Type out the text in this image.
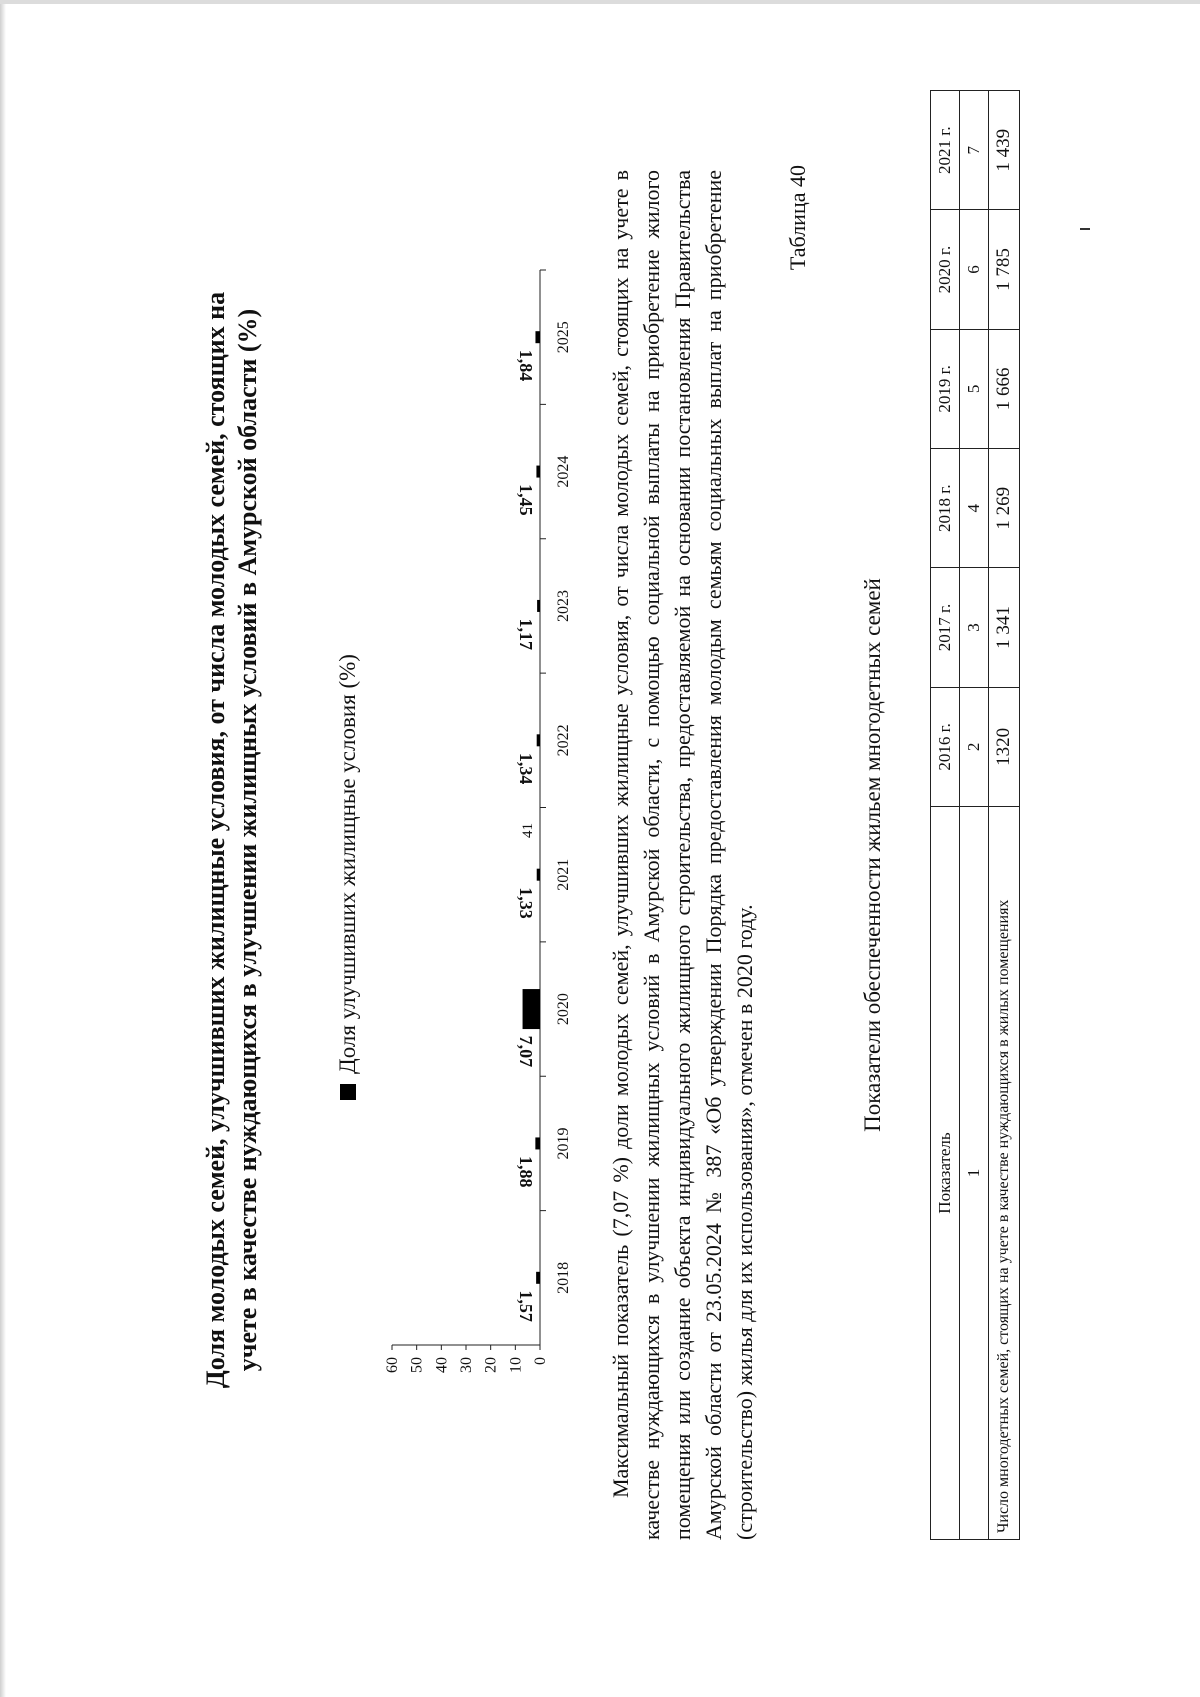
41
0
10
20
30
40
50
60
2018
1,57
2019
1,88
2020
7,07
2021
1,33
2022
1,34
2023
1,17
2024
1,45
2025
1,84
Доля молодых семей, улучшивших жилищные условия, от числа молодых семей, стоящих на учете в качестве нуждающихся в улучшении жилищных условий в Амурской области (%)	Доля улучшивших жилищные условия (%)	Максимальный показатель (7,07 %) доли молодых семей, улучшивших жилищные условия, от числа молодых семей, стоящих на учете в качестве нуждающихся в улучшении жилищных условий в Амурской области, с помощью социальной выплаты на приобретение жилого помещения или создание объекта индивидуального жилищного строительства, предоставляемой на основании постановления Правительства Амурской области от 23.05.2024 № 387 «Об утверждении Порядка предоставления молодым семьям социальных выплат на приобретение (строительство) жилья для их использования», отмечен в 2020 году.
Таблица 40
Показатели обеспеченности жильем многодетных семей
Показатель	2016 г.	2017 г.	2018 г.	2019 г.	2020 г.	2021 г.
1	2	3	4	5	6	7
Число многодетных семей, стоящих на учете в качестве нуждающихся в жилых помещениях	1320	1 341	1 269	1 666	1 785	1 439
